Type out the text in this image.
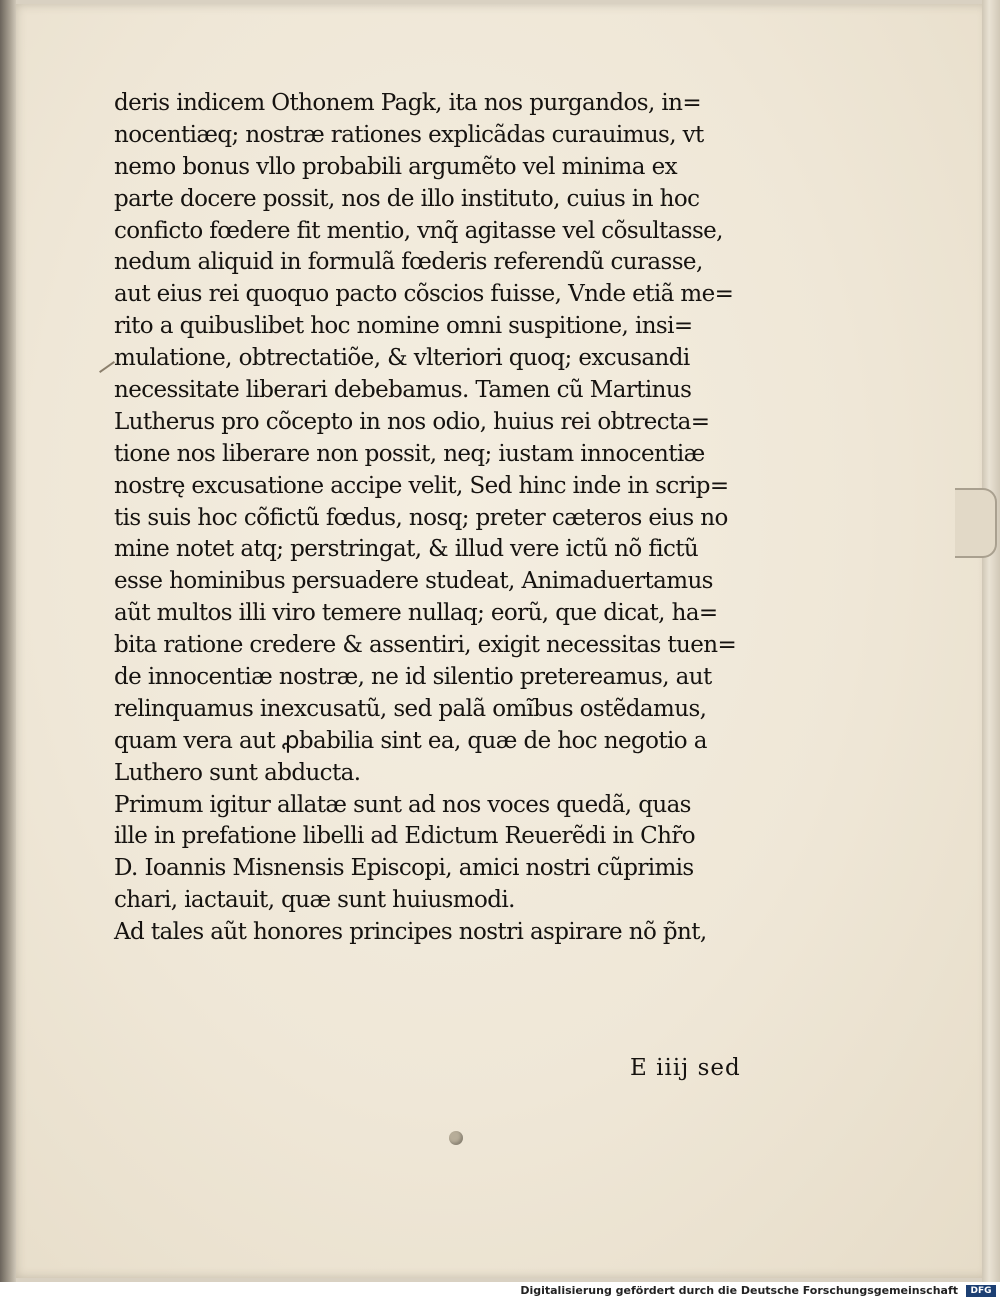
deris indicem Othonem Pagk, ita nos purgandos, in=
nocentiæq; nostræ rationes explicãdas curauimus, vt
nemo bonus vllo probabili argumẽto vel minima ex
parte docere possit, nos de illo instituto, cuius in hoc
conficto fœdere fit mentio, vnq̃ agitasse vel cõsultasse,
nedum aliquid in formulã fœderis referendũ curasse,
aut eius rei quoquo pacto cõscios fuisse, Vnde etiã me=
rito a quibuslibet hoc nomine omni suspitione, insi=
mulatione, obtrectatiõe, & vlteriori quoq; excusandi
necessitate liberari debebamus. Tamen cũ Martinus
Lutherus pro cõcepto in nos odio, huius rei obtrecta=
tione nos liberare non possit, neq; iustam innocentiæ
nostrę excusatione accipe velit, Sed hinc inde in scrip=
tis suis hoc cõfictũ fœdus, nosq; preter cæteros eius no
mine notet atq; perstringat, & illud vere ictũ nõ fictũ
esse hominibus persuadere studeat, Animaduertamus
aũt multos illi viro temere nullaq; eorũ, que dicat, ha=
bita ratione credere & assentiri, exigit necessitas tuen=
de innocentiæ nostræ, ne id silentio pretereamus, aut
relinquamus inexcusatũ, sed palã omĩbus ostẽdamus,
quam vera aut ꝓbabilia sint ea, quæ de hoc negotio a
Luthero sunt abducta.
Primum igitur allatæ sunt ad nos voces quedã, quas
ille in prefatione libelli ad Edictum Reuerẽdi in Chr̃o
D. Ioannis Misnensis Episcopi, amici nostri cũprimis
chari, iactauit, quæ sunt huiusmodi.
Ad tales aũt honores principes nostri aspirare nõ p̃nt,
E iiij sed
Digitalisierung gefördert durch die Deutsche Forschungsgemeinschaft	DFG
